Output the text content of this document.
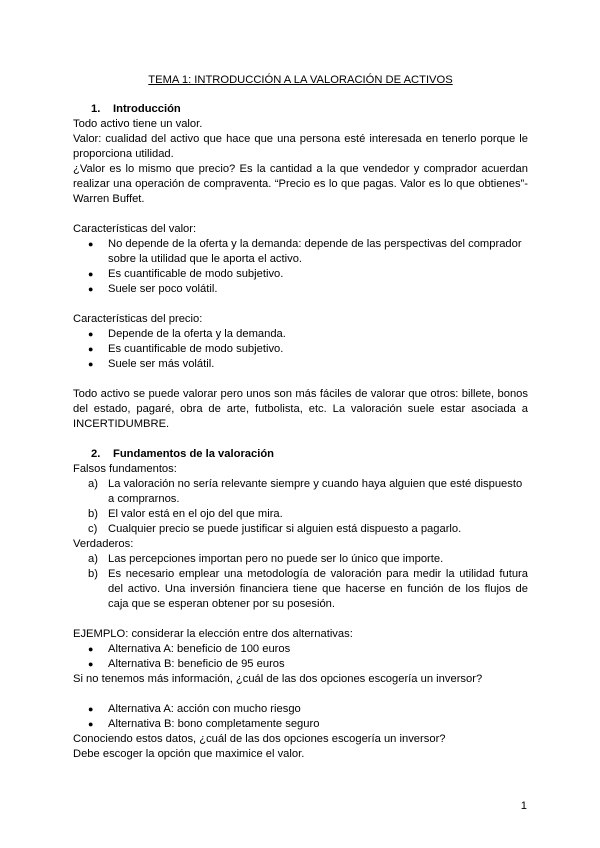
TEMA 1: INTRODUCCIÓN A LA VALORACIÓN DE ACTIVOS
1. Introducción

Todo activo tiene un valor.

Valor: cualidad del activo que hace que una persona esté interesada en tenerlo porque le proporciona utilidad.

¿Valor es lo mismo que precio? Es la cantidad a la que vendedor y comprador acuerdan realizar una operación de compraventa. “Precio es lo que pagas. Valor es lo que obtienes”- Warren Buffet.

Características del valor:

●	No depende de la oferta y la demanda: depende de las perspectivas del comprador sobre la utilidad que le aporta el activo.
●	Es cuantificable de modo subjetivo.
●	Suele ser poco volátil.

Características del precio:

●	Depende de la oferta y la demanda.
●	Es cuantificable de modo subjetivo.
●	Suele ser más volátil.

Todo activo se puede valorar pero unos son más fáciles de valorar que otros: billete, bonos del estado, pagaré, obra de arte, futbolista, etc. La valoración suele estar asociada a INCERTIDUMBRE.

2. Fundamentos de la valoración

Falsos fundamentos:

a) La valoración no sería relevante siempre y cuando haya alguien que esté dispuesto a comprarnos.
b) El valor está en el ojo del que mira.
c) Cualquier precio se puede justificar si alguien está dispuesto a pagarlo.

Verdaderos:

a) Las percepciones importan pero no puede ser lo único que importe.
b) Es necesario emplear una metodología de valoración para medir la utilidad futura del activo. Una inversión financiera tiene que hacerse en función de los flujos de caja que se esperan obtener por su posesión.

EJEMPLO: considerar la elección entre dos alternativas:

●	Alternativa A: beneficio de 100 euros
●	Alternativa B: beneficio de 95 euros

Si no tenemos más información, ¿cuál de las dos opciones escogería un inversor?

●	Alternativa A: acción con mucho riesgo
●	Alternativa B: bono completamente seguro

Conociendo estos datos, ¿cuál de las dos opciones escogería un inversor?

Debe escoger la opción que maximice el valor.

1
